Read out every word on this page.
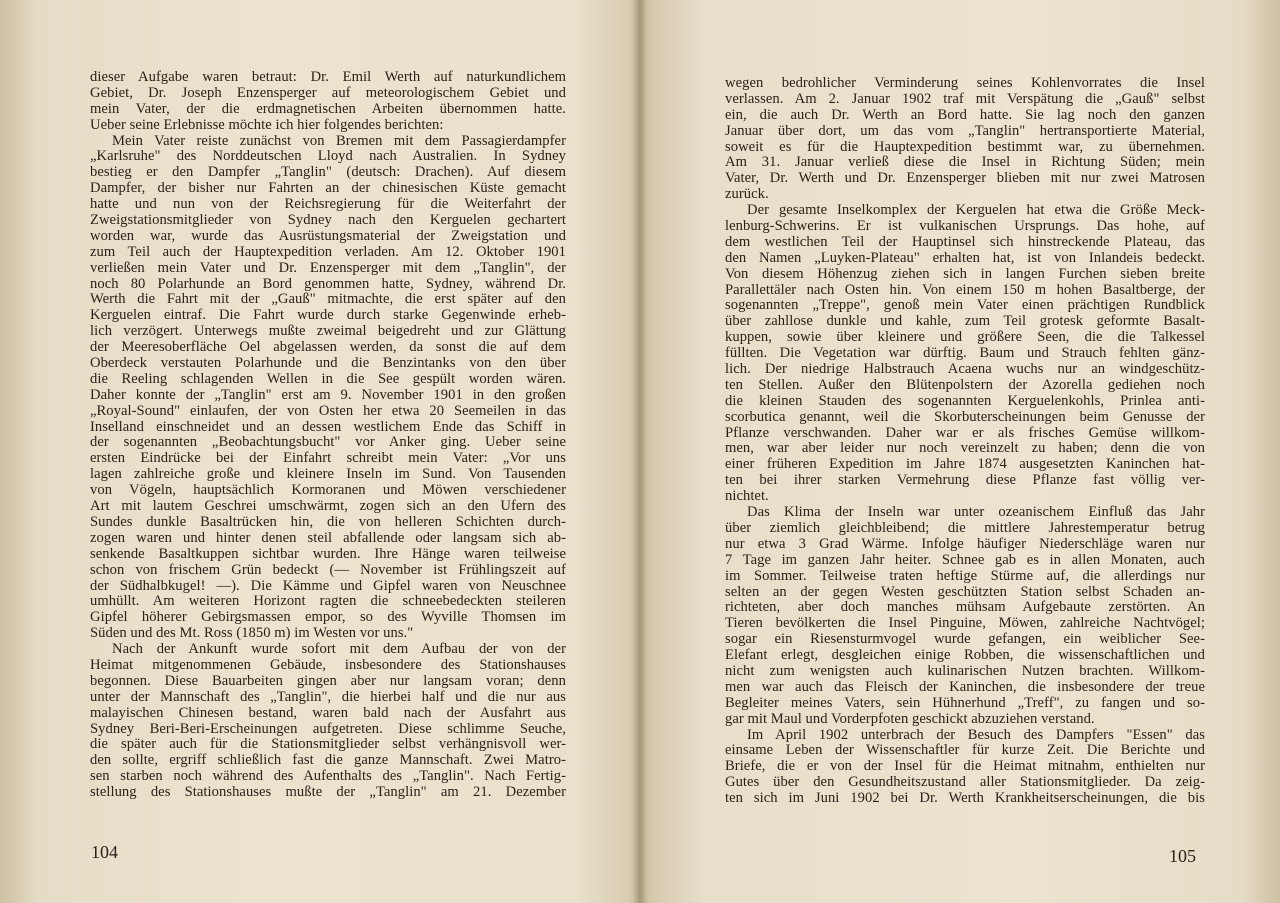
dieser Aufgabe waren betraut: Dr. Emil Werth auf naturkundlichem
Gebiet, Dr. Joseph Enzensperger auf meteorologischem Gebiet und
mein Vater, der die erdmagnetischen Arbeiten übernommen hatte.
Ueber seine Erlebnisse möchte ich hier folgendes berichten:
Mein Vater reiste zunächst von Bremen mit dem Passagierdampfer
„Karlsruhe" des Norddeutschen Lloyd nach Australien. In Sydney
bestieg er den Dampfer „Tanglin" (deutsch: Drachen). Auf diesem
Dampfer, der bisher nur Fahrten an der chinesischen Küste gemacht
hatte und nun von der Reichsregierung für die Weiterfahrt der
Zweigstationsmitglieder von Sydney nach den Kerguelen gechartert
worden war, wurde das Ausrüstungsmaterial der Zweigstation und
zum Teil auch der Hauptexpedition verladen. Am 12. Oktober 1901
verließen mein Vater und Dr. Enzensperger mit dem „Tanglin", der
noch 80 Polarhunde an Bord genommen hatte, Sydney, während Dr.
Werth die Fahrt mit der „Gauß" mitmachte, die erst später auf den
Kerguelen eintraf. Die Fahrt wurde durch starke Gegenwinde erheb-
lich verzögert. Unterwegs mußte zweimal beigedreht und zur Glättung
der Meeresoberfläche Oel abgelassen werden, da sonst die auf dem
Oberdeck verstauten Polarhunde und die Benzintanks von den über
die Reeling schlagenden Wellen in die See gespült worden wären.
Daher konnte der „Tanglin" erst am 9. November 1901 in den großen
„Royal-Sound" einlaufen, der von Osten her etwa 20 Seemeilen in das
Inselland einschneidet und an dessen westlichem Ende das Schiff in
der sogenannten „Beobachtungsbucht" vor Anker ging. Ueber seine
ersten Eindrücke bei der Einfahrt schreibt mein Vater: „Vor uns
lagen zahlreiche große und kleinere Inseln im Sund. Von Tausenden
von Vögeln, hauptsächlich Kormoranen und Möwen verschiedener
Art mit lautem Geschrei umschwärmt, zogen sich an den Ufern des
Sundes dunkle Basaltrücken hin, die von helleren Schichten durch-
zogen waren und hinter denen steil abfallende oder langsam sich ab-
senkende Basaltkuppen sichtbar wurden. Ihre Hänge waren teilweise
schon von frischem Grün bedeckt (— November ist Frühlingszeit auf
der Südhalbkugel! —). Die Kämme und Gipfel waren von Neuschnee
umhüllt. Am weiteren Horizont ragten die schneebedeckten steileren
Gipfel höherer Gebirgsmassen empor, so des Wyville Thomsen im
Süden und des Mt. Ross (1850 m) im Westen vor uns."
Nach der Ankunft wurde sofort mit dem Aufbau der von der
Heimat mitgenommenen Gebäude, insbesondere des Stationshauses
begonnen. Diese Bauarbeiten gingen aber nur langsam voran; denn
unter der Mannschaft des „Tanglin", die hierbei half und die nur aus
malayischen Chinesen bestand, waren bald nach der Ausfahrt aus
Sydney Beri-Beri-Erscheinungen aufgetreten. Diese schlimme Seuche,
die später auch für die Stationsmitglieder selbst verhängnisvoll wer-
den sollte, ergriff schließlich fast die ganze Mannschaft. Zwei Matro-
sen starben noch während des Aufenthalts des „Tanglin". Nach Fertig-
stellung des Stationshauses mußte der „Tanglin" am 21. Dezember
104
wegen bedrohlicher Verminderung seines Kohlenvorrates die Insel
verlassen. Am 2. Januar 1902 traf mit Verspätung die „Gauß" selbst
ein, die auch Dr. Werth an Bord hatte. Sie lag noch den ganzen
Januar über dort, um das vom „Tanglin" hertransportierte Material,
soweit es für die Hauptexpedition bestimmt war, zu übernehmen.
Am 31. Januar verließ diese die Insel in Richtung Süden; mein
Vater, Dr. Werth und Dr. Enzensperger blieben mit nur zwei Matrosen
zurück.
Der gesamte Inselkomplex der Kerguelen hat etwa die Größe Meck-
lenburg-Schwerins. Er ist vulkanischen Ursprungs. Das hohe, auf
dem westlichen Teil der Hauptinsel sich hinstreckende Plateau, das
den Namen „Luyken-Plateau" erhalten hat, ist von Inlandeis bedeckt.
Von diesem Höhenzug ziehen sich in langen Furchen sieben breite
Parallettäler nach Osten hin. Von einem 150 m hohen Basaltberge, der
sogenannten „Treppe", genoß mein Vater einen prächtigen Rundblick
über zahllose dunkle und kahle, zum Teil grotesk geformte Basalt-
kuppen, sowie über kleinere und größere Seen, die die Talkessel
füllten. Die Vegetation war dürftig. Baum und Strauch fehlten gänz-
lich. Der niedrige Halbstrauch Acaena wuchs nur an windgeschütz-
ten Stellen. Außer den Blütenpolstern der Azorella gediehen noch
die kleinen Stauden des sogenannten Kerguelenkohls, Prinlea anti-
scorbutica genannt, weil die Skorbuterscheinungen beim Genusse der
Pflanze verschwanden. Daher war er als frisches Gemüse willkom-
men, war aber leider nur noch vereinzelt zu haben; denn die von
einer früheren Expedition im Jahre 1874 ausgesetzten Kaninchen hat-
ten bei ihrer starken Vermehrung diese Pflanze fast völlig ver-
nichtet.
Das Klima der Inseln war unter ozeanischem Einfluß das Jahr
über ziemlich gleichbleibend; die mittlere Jahrestemperatur betrug
nur etwa 3 Grad Wärme. Infolge häufiger Niederschläge waren nur
7 Tage im ganzen Jahr heiter. Schnee gab es in allen Monaten, auch
im Sommer. Teilweise traten heftige Stürme auf, die allerdings nur
selten an der gegen Westen geschützten Station selbst Schaden an-
richteten, aber doch manches mühsam Aufgebaute zerstörten. An
Tieren bevölkerten die Insel Pinguine, Möwen, zahlreiche Nachtvögel;
sogar ein Riesensturmvogel wurde gefangen, ein weiblicher See-
Elefant erlegt, desgleichen einige Robben, die wissenschaftlichen und
nicht zum wenigsten auch kulinarischen Nutzen brachten. Willkom-
men war auch das Fleisch der Kaninchen, die insbesondere der treue
Begleiter meines Vaters, sein Hühnerhund „Treff", zu fangen und so-
gar mit Maul und Vorderpfoten geschickt abzuziehen verstand.
Im April 1902 unterbrach der Besuch des Dampfers "Essen" das
einsame Leben der Wissenschaftler für kurze Zeit. Die Berichte und
Briefe, die er von der Insel für die Heimat mitnahm, enthielten nur
Gutes über den Gesundheitszustand aller Stationsmitglieder. Da zeig-
ten sich im Juni 1902 bei Dr. Werth Krankheitserscheinungen, die bis
105
